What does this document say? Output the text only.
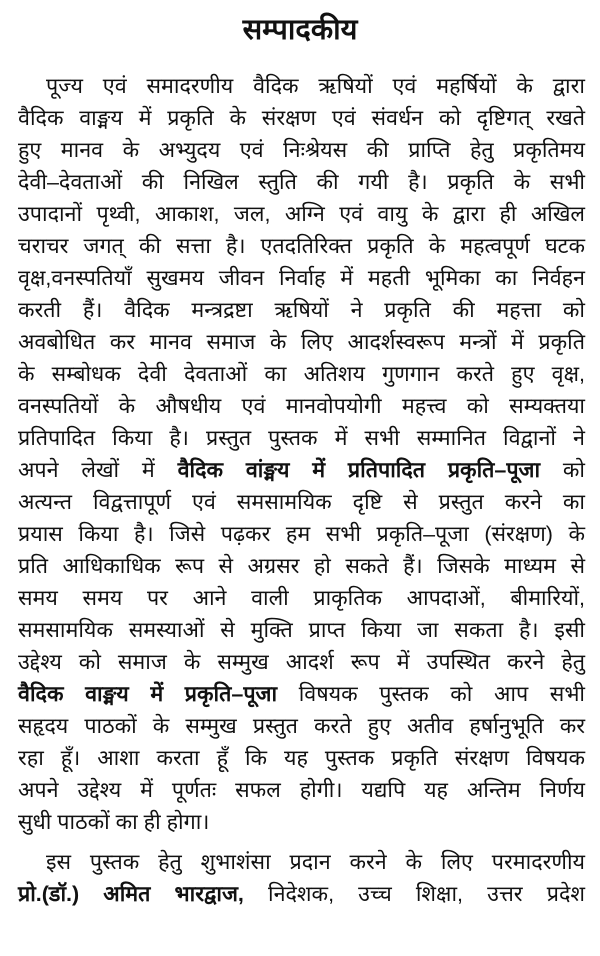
सम्पादकीय
पूज्य एवं समादरणीय वैदिक ऋषियों एवं महर्षियों के द्वारा
वैदिक वाङ्मय में प्रकृति के संरक्षण एवं संवर्धन को दृष्टिगत् रखते
हुए मानव के अभ्युदय एवं निःश्रेयस की प्राप्ति हेतु प्रकृतिमय
देवी–देवताओं की निखिल स्तुति की गयी है। प्रकृति के सभी
उपादानों पृथ्वी, आकाश, जल, अग्नि एवं वायु के द्वारा ही अखिल
चराचर जगत् की सत्ता है। एतदतिरिक्त प्रकृति के महत्वपूर्ण घटक
वृक्ष,वनस्पतियाँ सुखमय जीवन निर्वाह में महती भूमिका का निर्वहन
करती हैं। वैदिक मन्त्रद्रष्टा ऋषियों ने प्रकृति की महत्ता को
अवबोधित कर मानव समाज के लिए आदर्शस्वरूप मन्त्रों में प्रकृति
के सम्बोधक देवी देवताओं का अतिशय गुणगान करते हुए वृक्ष,
वनस्पतियों के औषधीय एवं मानवोपयोगी महत्त्व को सम्यक्तया
प्रतिपादित किया है। प्रस्तुत पुस्तक में सभी सम्मानित विद्वानों ने
अपने लेखों में वैदिक वांङ्मय में प्रतिपादित प्रकृति–पूजा को
अत्यन्त विद्वत्तापूर्ण एवं समसामयिक दृष्टि से प्रस्तुत करने का
प्रयास किया है। जिसे पढ़कर हम सभी प्रकृति–पूजा (संरक्षण) के
प्रति आधिकाधिक रूप से अग्रसर हो सकते हैं। जिसके माध्यम से
समय समय पर आने वाली प्राकृतिक आपदाओं, बीमारियों,
समसामयिक समस्याओं से मुक्ति प्राप्त किया जा सकता है। इसी
उद्देश्य को समाज के सम्मुख आदर्श रूप में उपस्थित करने हेतु
वैदिक वाङ्मय में प्रकृति–पूजा विषयक पुस्तक को आप सभी
सहृदय पाठकों के सम्मुख प्रस्तुत करते हुए अतीव हर्षानुभूति कर
रहा हूँ। आशा करता हूँ कि यह पुस्तक प्रकृति संरक्षण विषयक
अपने उद्देश्य में पूर्णतः सफल होगी। यद्यपि यह अन्तिम निर्णय
सुधी पाठकों का ही होगा।
इस पुस्तक हेतु शुभाशंसा प्रदान करने के लिए परमादरणीय
प्रो.(डॉ.) अमित भारद्वाज, निदेशक, उच्च शिक्षा, उत्तर प्रदेश
